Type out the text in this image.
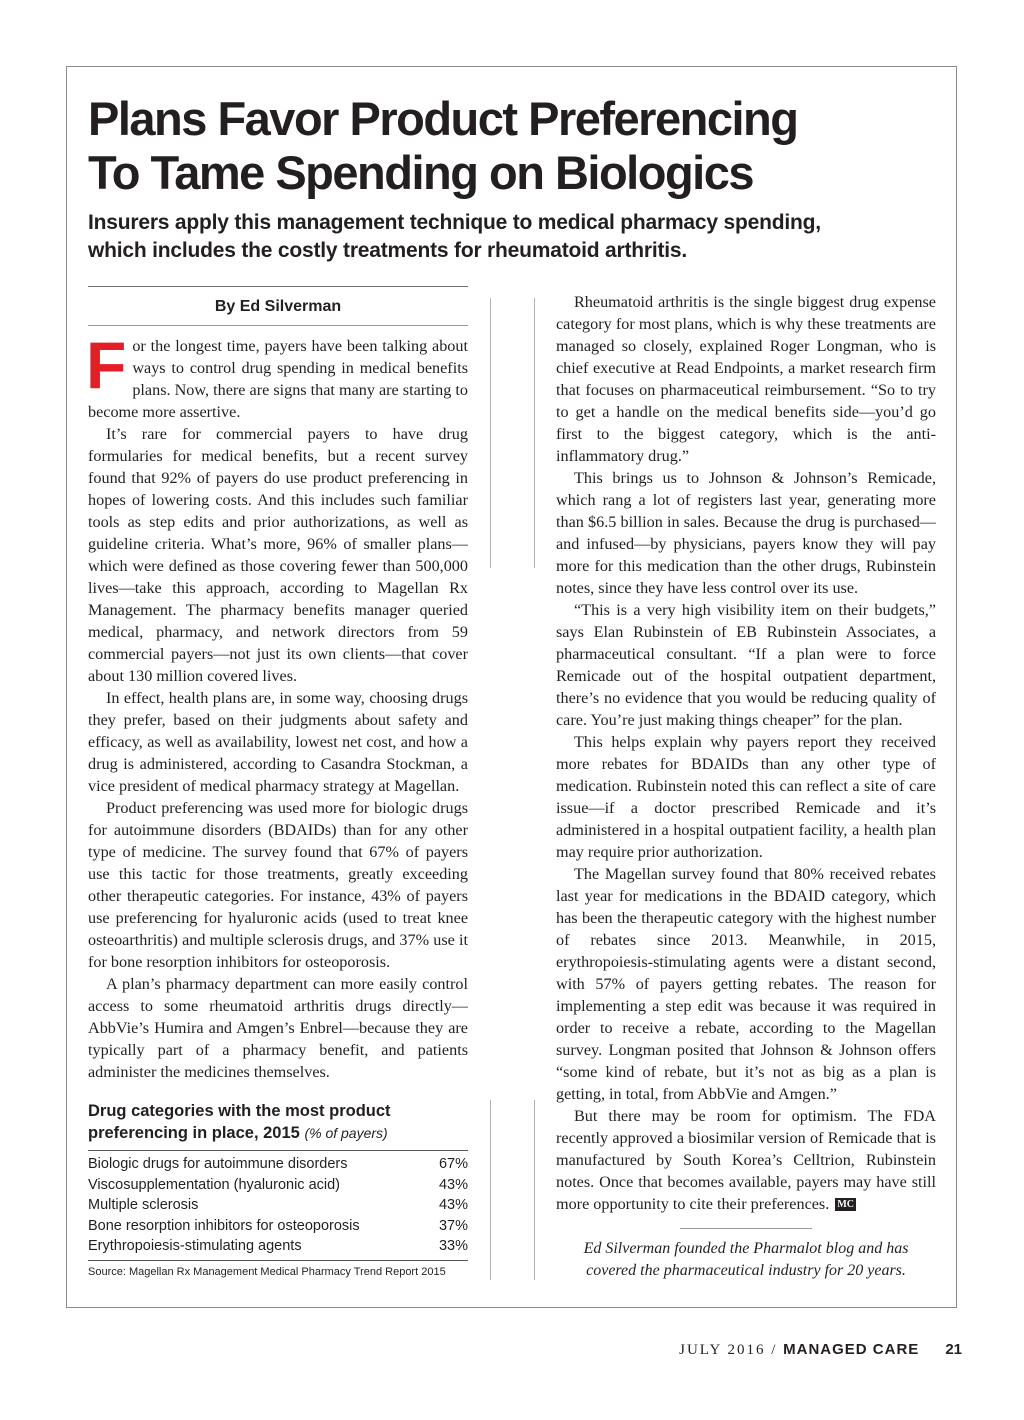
Plans Favor Product Preferencing
To Tame Spending on Biologics

Insurers apply this management technique to medical pharmacy spending,
which includes the costly treatments for rheumatoid arthritis.

By Ed Silverman

For the longest time, payers have been talking about ways to control drug spending in medical benefits plans. Now, there are signs that many are starting to become more assertive.

It’s rare for commercial payers to have drug formularies for medical benefits, but a recent survey found that 92% of payers do use product preferencing in hopes of lowering costs. And this includes such familiar tools as step edits and prior authorizations, as well as guideline criteria. What’s more, 96% of smaller plans—which were defined as those covering fewer than 500,000 lives—take this approach, according to Magellan Rx Management. The pharmacy benefits manager queried medical, pharmacy, and network directors from 59 commercial payers—not just its own clients—that cover about 130 million covered lives.

In effect, health plans are, in some way, choosing drugs they prefer, based on their judgments about safety and efficacy, as well as availability, lowest net cost, and how a drug is administered, according to Casandra Stockman, a vice president of medical pharmacy strategy at Magellan.

Product preferencing was used more for biologic drugs for autoimmune disorders (BDAIDs) than for any other type of medicine. The survey found that 67% of payers use this tactic for those treatments, greatly exceeding other therapeutic categories. For instance, 43% of payers use preferencing for hyaluronic acids (used to treat knee osteoarthritis) and multiple sclerosis drugs, and 37% use it for bone resorption inhibitors for osteoporosis.

A plan’s pharmacy department can more easily control access to some rheumatoid arthritis drugs directly—AbbVie’s Humira and Amgen’s Enbrel—because they are typically part of a pharmacy benefit, and patients administer the medicines themselves.

Drug categories with the most product
preferencing in place, 2015 (% of payers)
Biologic drugs for autoimmune disorders	67%
Viscosupplementation (hyaluronic acid)	43%
Multiple sclerosis	43%
Bone resorption inhibitors for osteoporosis	37%
Erythropoiesis-stimulating agents	33%
Source: Magellan Rx Management Medical Pharmacy Trend Report 2015

Rheumatoid arthritis is the single biggest drug expense category for most plans, which is why these treatments are managed so closely, explained Roger Longman, who is chief executive at Read Endpoints, a market research firm that focuses on pharmaceutical reimbursement. “So to try to get a handle on the medical benefits side—you’d go first to the biggest category, which is the anti-inflammatory drug.”

This brings us to Johnson & Johnson’s Remicade, which rang a lot of registers last year, generating more than $6.5 billion in sales. Because the drug is purchased—and infused—by physicians, payers know they will pay more for this medication than the other drugs, Rubinstein notes, since they have less control over its use.

“This is a very high visibility item on their budgets,” says Elan Rubinstein of EB Rubinstein Associates, a pharmaceutical consultant. “If a plan were to force Remicade out of the hospital outpatient department, there’s no evidence that you would be reducing quality of care. You’re just making things cheaper” for the plan.

This helps explain why payers report they received more rebates for BDAIDs than any other type of medication. Rubinstein noted this can reflect a site of care issue—if a doctor prescribed Remicade and it’s administered in a hospital outpatient facility, a health plan may require prior authorization.

The Magellan survey found that 80% received rebates last year for medications in the BDAID category, which has been the therapeutic category with the highest number of rebates since 2013. Meanwhile, in 2015, erythropoiesis-stimulating agents were a distant second, with 57% of payers getting rebates. The reason for implementing a step edit was because it was required in order to receive a rebate, according to the Magellan survey. Longman posited that Johnson & Johnson offers “some kind of rebate, but it’s not as big as a plan is getting, in total, from AbbVie and Amgen.”

But there may be room for optimism. The FDA recently approved a biosimilar version of Remicade that is manufactured by South Korea’s Celltrion, Rubinstein notes. Once that becomes available, payers may have still more opportunity to cite their preferences. MC

Ed Silverman founded the Pharmalot blog and has
covered the pharmaceutical industry for 20 years.
JULY 2016 / MANAGED CARE 21
